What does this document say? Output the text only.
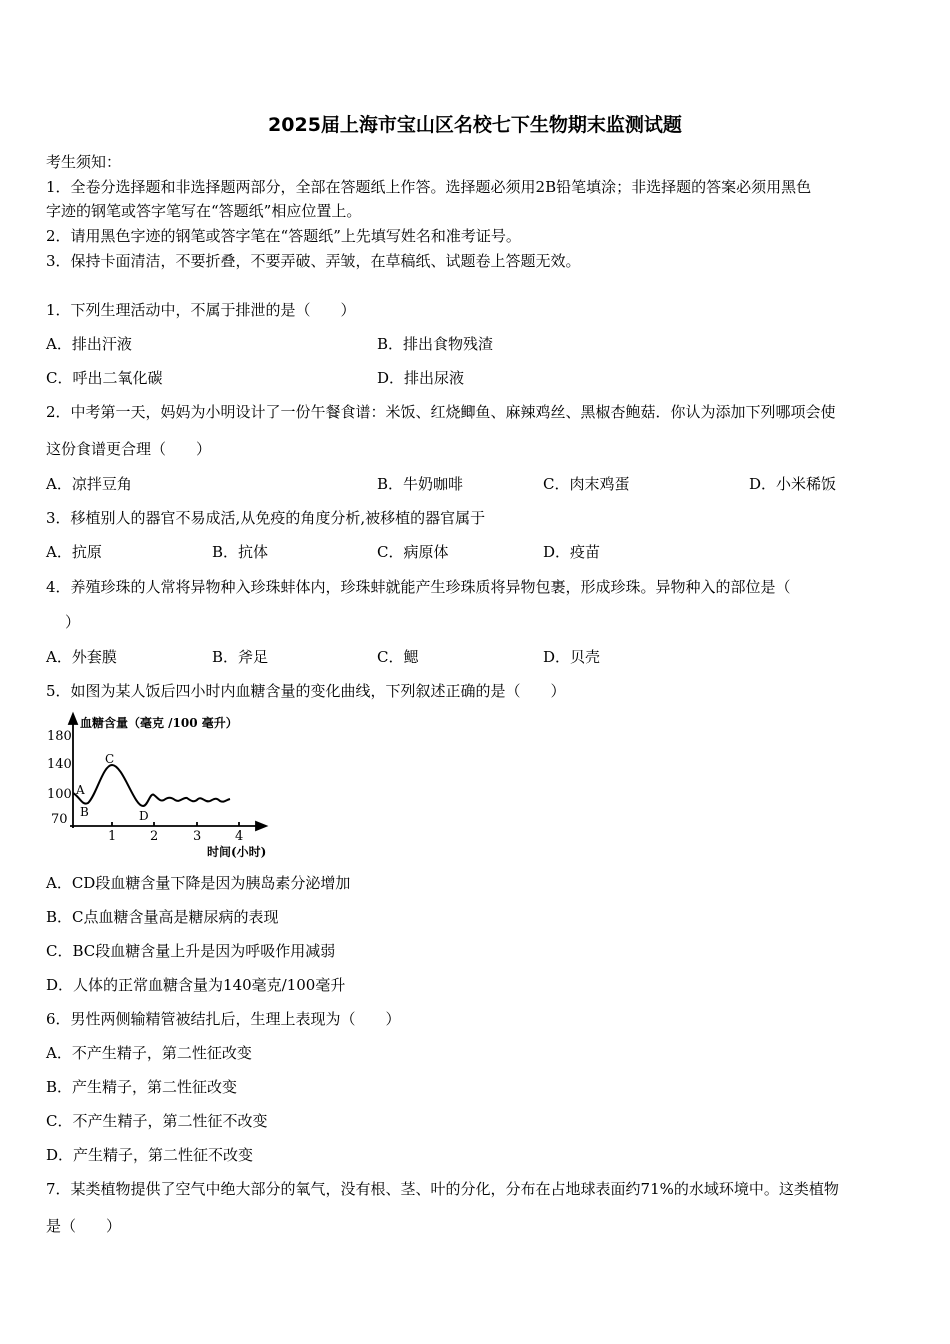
2025届上海市宝山区名校七下生物期末监测试题
考生须知：
1．全卷分选择题和非选择题两部分，全部在答题纸上作答。选择题必须用2B铅笔填涂；非选择题的答案必须用黑色
字迹的钢笔或答字笔写在“答题纸”相应位置上。
2．请用黑色字迹的钢笔或答字笔在“答题纸”上先填写姓名和准考证号。
3．保持卡面清洁，不要折叠，不要弄破、弄皱，在草稿纸、试题卷上答题无效。
1．下列生理活动中，不属于排泄的是（　　）
A．排出汗液	B．排出食物残渣
C．呼出二氧化碳	D．排出尿液
2．中考第一天，妈妈为小明设计了一份午餐食谱：米饭、红烧鲫鱼、麻辣鸡丝、黑椒杏鲍菇．你认为添加下列哪项会使
这份食谱更合理（　　）
A．凉拌豆角	B．牛奶咖啡	C．肉末鸡蛋	D．小米稀饭
3．移植别人的器官不易成活,从免疫的角度分析,被移植的器官属于
A．抗原	B．抗体	C．病原体	D．疫苗
4．养殖珍珠的人常将异物种入珍珠蚌体内，珍珠蚌就能产生珍珠质将异物包裹，形成珍珠。异物种入的部位是（
　）
A．外套膜	B．斧足	C．鳃	D．贝壳
5．如图为某人饭后四小时内血糖含量的变化曲线，下列叙述正确的是（　　）
血糖含量（毫克 /100 毫升）
180
140
100
70
1	2	3	4
A
B
C
D
时间(小时)
A．CD段血糖含量下降是因为胰岛素分泌增加
B．C点血糖含量高是糖尿病的表现
C．BC段血糖含量上升是因为呼吸作用减弱
D．人体的正常血糖含量为140毫克/100毫升
6．男性两侧输精管被结扎后，生理上表现为（　　）
A．不产生精子，第二性征改变
B．产生精子，第二性征改变
C．不产生精子，第二性征不改变
D．产生精子，第二性征不改变
7．某类植物提供了空气中绝大部分的氧气，没有根、茎、叶的分化，分布在占地球表面约71%的水域环境中。这类植物
是（　　）
